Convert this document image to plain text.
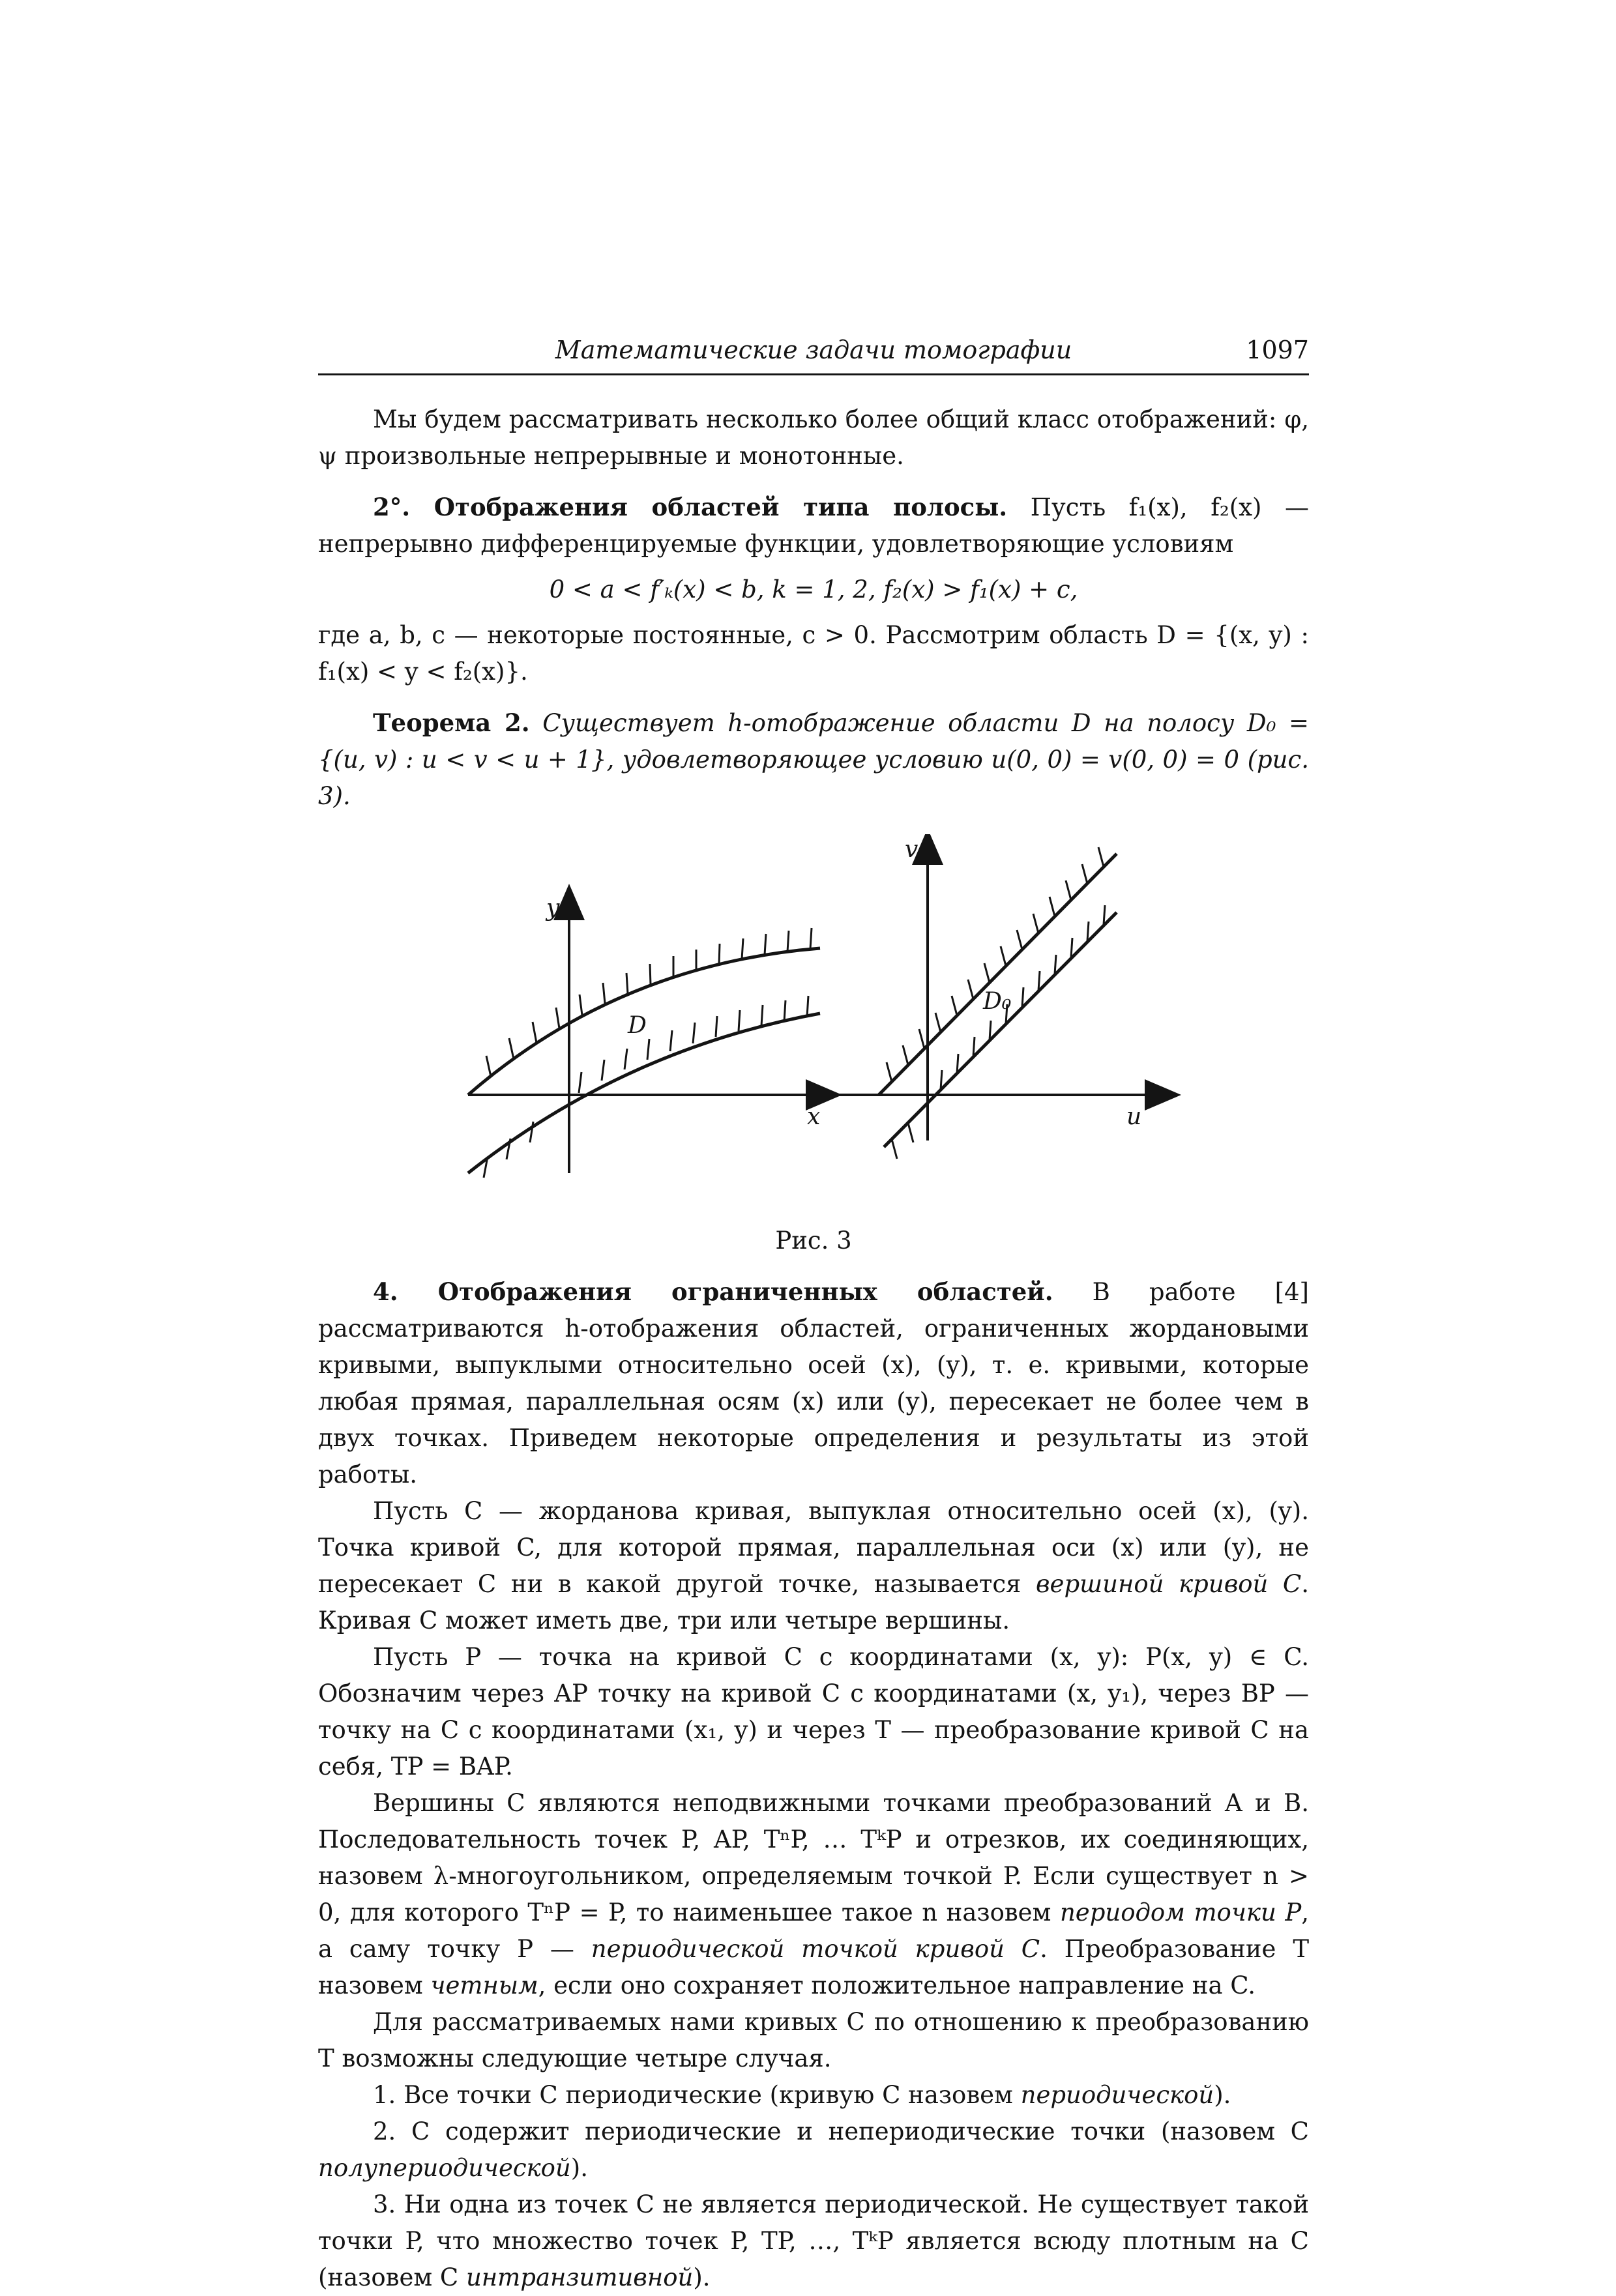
Математические задачи томографии	1097

Мы будем рассматривать несколько более общий класс отображений: φ, ψ произвольные непрерывные и монотонные.

2°. Отображения областей типа полосы. Пусть f₁(x), f₂(x) — непрерывно дифференцируемые функции, удовлетворяющие условиям

0 < a < f′ₖ(x) < b, k = 1, 2, f₂(x) > f₁(x) + c,

где a, b, c — некоторые постоянные, c > 0. Рассмотрим область D = {(x, y) : f₁(x) < y < f₂(x)}.

Теорема 2. Существует h-отображение области D на полосу D₀ = {(u, v) : u < v < u + 1}, удовлетворяющее условию u(0, 0) = v(0, 0) = 0 (рис. 3).

y
x
D
v
u
D₀
Рис. 3

4. Отображения ограниченных областей. В работе [4] рассматриваются h-отображения областей, ограниченных жордановыми кривыми, выпуклыми относительно осей (x), (y), т. е. кривыми, которые любая прямая, параллельная осям (x) или (y), пересекает не более чем в двух точках. Приведем некоторые определения и результаты из этой работы.

Пусть C — жорданова кривая, выпуклая относительно осей (x), (y). Точка кривой C, для которой прямая, параллельная оси (x) или (y), не пересекает C ни в какой другой точке, называется вершиной кривой C. Кривая C может иметь две, три или четыре вершины.

Пусть P — точка на кривой C с координатами (x, y): P(x, y) ∈ C. Обозначим через AP точку на кривой C с координатами (x, y₁), через BP — точку на C с координатами (x₁, y) и через T — преобразование кривой C на себя, TP = BAP.

Вершины C являются неподвижными точками преобразований A и B. Последовательность точек P, AP, TⁿP, … TᵏP и отрезков, их соединяющих, назовем λ-многоугольником, определяемым точкой P. Если существует n > 0, для которого TⁿP = P, то наименьшее такое n назовем периодом точки P, а саму точку P — периодической точкой кривой C. Преобразование T назовем четным, если оно сохраняет положительное направление на C.

Для рассматриваемых нами кривых C по отношению к преобразованию T возможны следующие четыре случая.

1. Все точки C периодические (кривую C назовем периодической).

2. C содержит периодические и непериодические точки (назовем C полупериодической).

3. Ни одна из точек C не является периодической. Не существует такой точки P, что множество точек P, TP, …, TᵏP является всюду плотным на C (назовем C интранзитивной).
